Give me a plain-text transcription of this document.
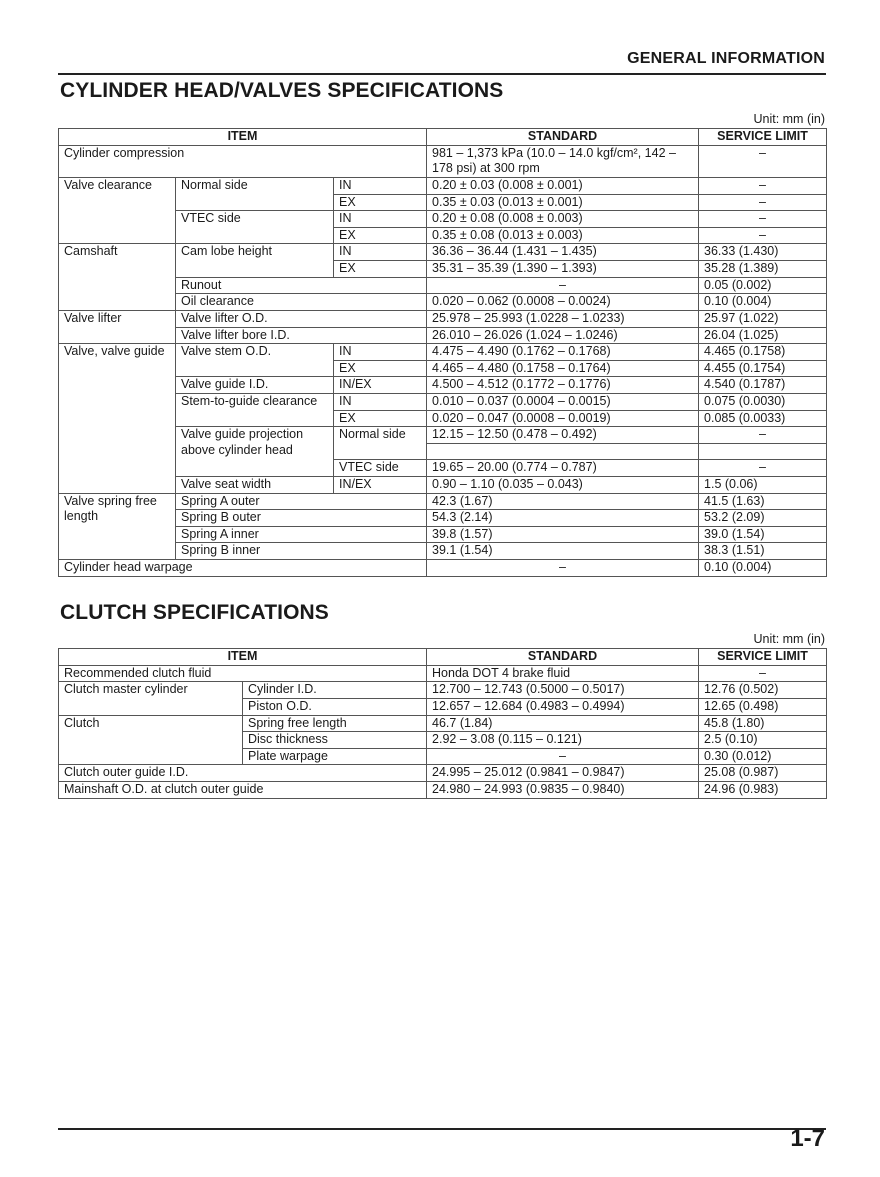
GENERAL INFORMATION
CYLINDER HEAD/VALVES SPECIFICATIONS
Unit: mm (in)
ITEM			STANDARD	SERVICE LIMIT
Cylinder compression			981 – 1,373 kPa (10.0 – 14.0 kgf/cm², 142 – 178 psi) at 300 rpm	–
Valve clearance	Normal side	IN	0.20 ± 0.03 (0.008 ± 0.001)	–
		EX	0.35 ± 0.03 (0.013 ± 0.001)	–
	VTEC side	IN	0.20 ± 0.08 (0.008 ± 0.003)	–
		EX	0.35 ± 0.08 (0.013 ± 0.003)	–
Camshaft	Cam lobe height	IN	36.36 – 36.44 (1.431 – 1.435)	36.33 (1.430)
		EX	35.31 – 35.39 (1.390 – 1.393)	35.28 (1.389)
	Runout		–	0.05 (0.002)
	Oil clearance		0.020 – 0.062 (0.0008 – 0.0024)	0.10 (0.004)
Valve lifter	Valve lifter O.D.		25.978 – 25.993 (1.0228 – 1.0233)	25.97 (1.022)
	Valve lifter bore I.D.		26.010 – 26.026 (1.024 – 1.0246)	26.04 (1.025)
Valve, valve guide	Valve stem O.D.	IN	4.475 – 4.490 (0.1762 – 0.1768)	4.465 (0.1758)
		EX	4.465 – 4.480 (0.1758 – 0.1764)	4.455 (0.1754)
	Valve guide I.D.	IN/EX	4.500 – 4.512 (0.1772 – 0.1776)	4.540 (0.1787)
	Stem-to-guide clearance	IN	0.010 – 0.037 (0.0004 – 0.0015)	0.075 (0.0030)
		EX	0.020 – 0.047 (0.0008 – 0.0019)	0.085 (0.0033)
	Valve guide projection above cylinder head	Normal side	12.15 – 12.50 (0.478 – 0.492)	–

		VTEC side	19.65 – 20.00 (0.774 – 0.787)	–
	Valve seat width	IN/EX	0.90 – 1.10 (0.035 – 0.043)	1.5 (0.06)
Valve spring free length	Spring A outer		42.3 (1.67)	41.5 (1.63)
	Spring B outer		54.3 (2.14)	53.2 (2.09)
	Spring A inner		39.8 (1.57)	39.0 (1.54)
	Spring B inner		39.1 (1.54)	38.3 (1.51)
Cylinder head warpage			–	0.10 (0.004)
CLUTCH SPECIFICATIONS
Unit: mm (in)
ITEM		STANDARD	SERVICE LIMIT
Recommended clutch fluid		Honda DOT 4 brake fluid	–
Clutch master cylinder	Cylinder I.D.	12.700 – 12.743 (0.5000 – 0.5017)	12.76 (0.502)
	Piston O.D.	12.657 – 12.684 (0.4983 – 0.4994)	12.65 (0.498)
Clutch	Spring free length	46.7 (1.84)	45.8 (1.80)
	Disc thickness	2.92 – 3.08 (0.115 – 0.121)	2.5 (0.10)
	Plate warpage	–	0.30 (0.012)
Clutch outer guide I.D.		24.995 – 25.012 (0.9841 – 0.9847)	25.08 (0.987)
Mainshaft O.D. at clutch outer guide		24.980 – 24.993 (0.9835 – 0.9840)	24.96 (0.983)
1-7
